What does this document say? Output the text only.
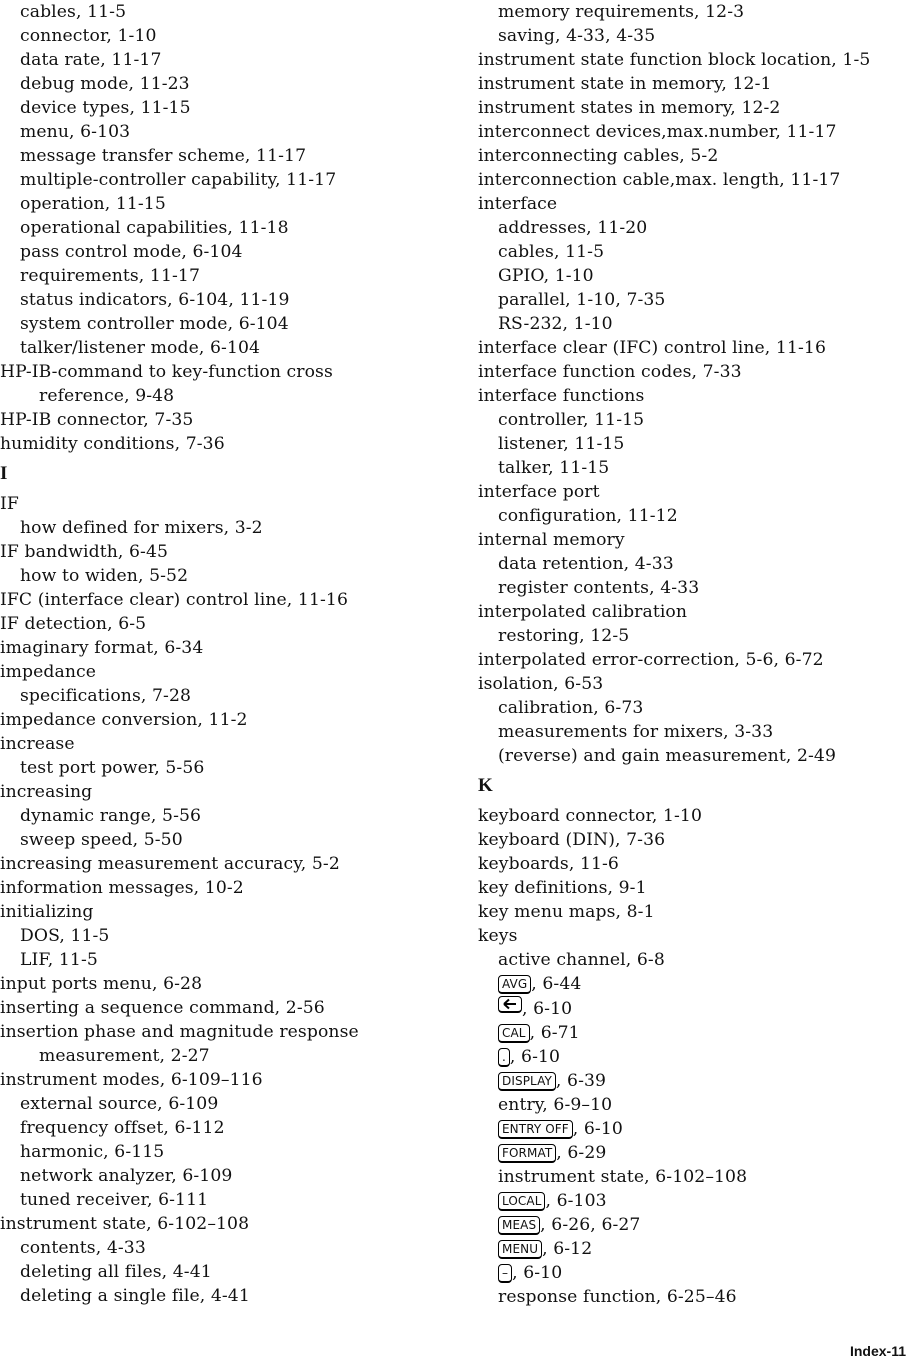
cables, 11-5
connector, 1-10
data rate, 11-17
debug mode, 11-23
device types, 11-15
menu, 6-103
message transfer scheme, 11-17
multiple-controller capability, 11-17
operation, 11-15
operational capabilities, 11-18
pass control mode, 6-104
requirements, 11-17
status indicators, 6-104, 11-19
system controller mode, 6-104
talker/listener mode, 6-104
HP-IB-command to key-function cross
reference, 9-48
HP-IB connector, 7-35
humidity conditions, 7-36
I
IF
how defined for mixers, 3-2
IF bandwidth, 6-45
how to widen, 5-52
IFC (interface clear) control line, 11-16
IF detection, 6-5
imaginary format, 6-34
impedance
specifications, 7-28
impedance conversion, 11-2
increase
test port power, 5-56
increasing
dynamic range, 5-56
sweep speed, 5-50
increasing measurement accuracy, 5-2
information messages, 10-2
initializing
DOS, 11-5
LIF, 11-5
input ports menu, 6-28
inserting a sequence command, 2-56
insertion phase and magnitude response
measurement, 2-27
instrument modes, 6-109–116
external source, 6-109
frequency offset, 6-112
harmonic, 6-115
network analyzer, 6-109
tuned receiver, 6-111
instrument state, 6-102–108
contents, 4-33
deleting all files, 4-41
deleting a single file, 4-41
memory requirements, 12-3
saving, 4-33, 4-35
instrument state function block location, 1-5
instrument state in memory, 12-1
instrument states in memory, 12-2
interconnect devices,max.number, 11-17
interconnecting cables, 5-2
interconnection cable,max. length, 11-17
interface
addresses, 11-20
cables, 11-5
GPIO, 1-10
parallel, 1-10, 7-35
RS-232, 1-10
interface clear (IFC) control line, 11-16
interface function codes, 7-33
interface functions
controller, 11-15
listener, 11-15
talker, 11-15
interface port
configuration, 11-12
internal memory
data retention, 4-33
register contents, 4-33
interpolated calibration
restoring, 12-5
interpolated error-correction, 5-6, 6-72
isolation, 6-53
calibration, 6-73
measurements for mixers, 3-33
(reverse) and gain measurement, 2-49
K
keyboard connector, 1-10
keyboard (DIN), 7-36
keyboards, 11-6
key definitions, 9-1
key menu maps, 8-1
keys
active channel, 6-8
AVG , 6-44
, 6-10
CAL , 6-71
. , 6-10
DISPLAY , 6-39
entry, 6-9–10
ENTRY OFF , 6-10
FORMAT , 6-29
instrument state, 6-102–108
LOCAL , 6-103
MEAS , 6-26, 6-27
MENU , 6-12
– , 6-10
response function, 6-25–46
Index-11
